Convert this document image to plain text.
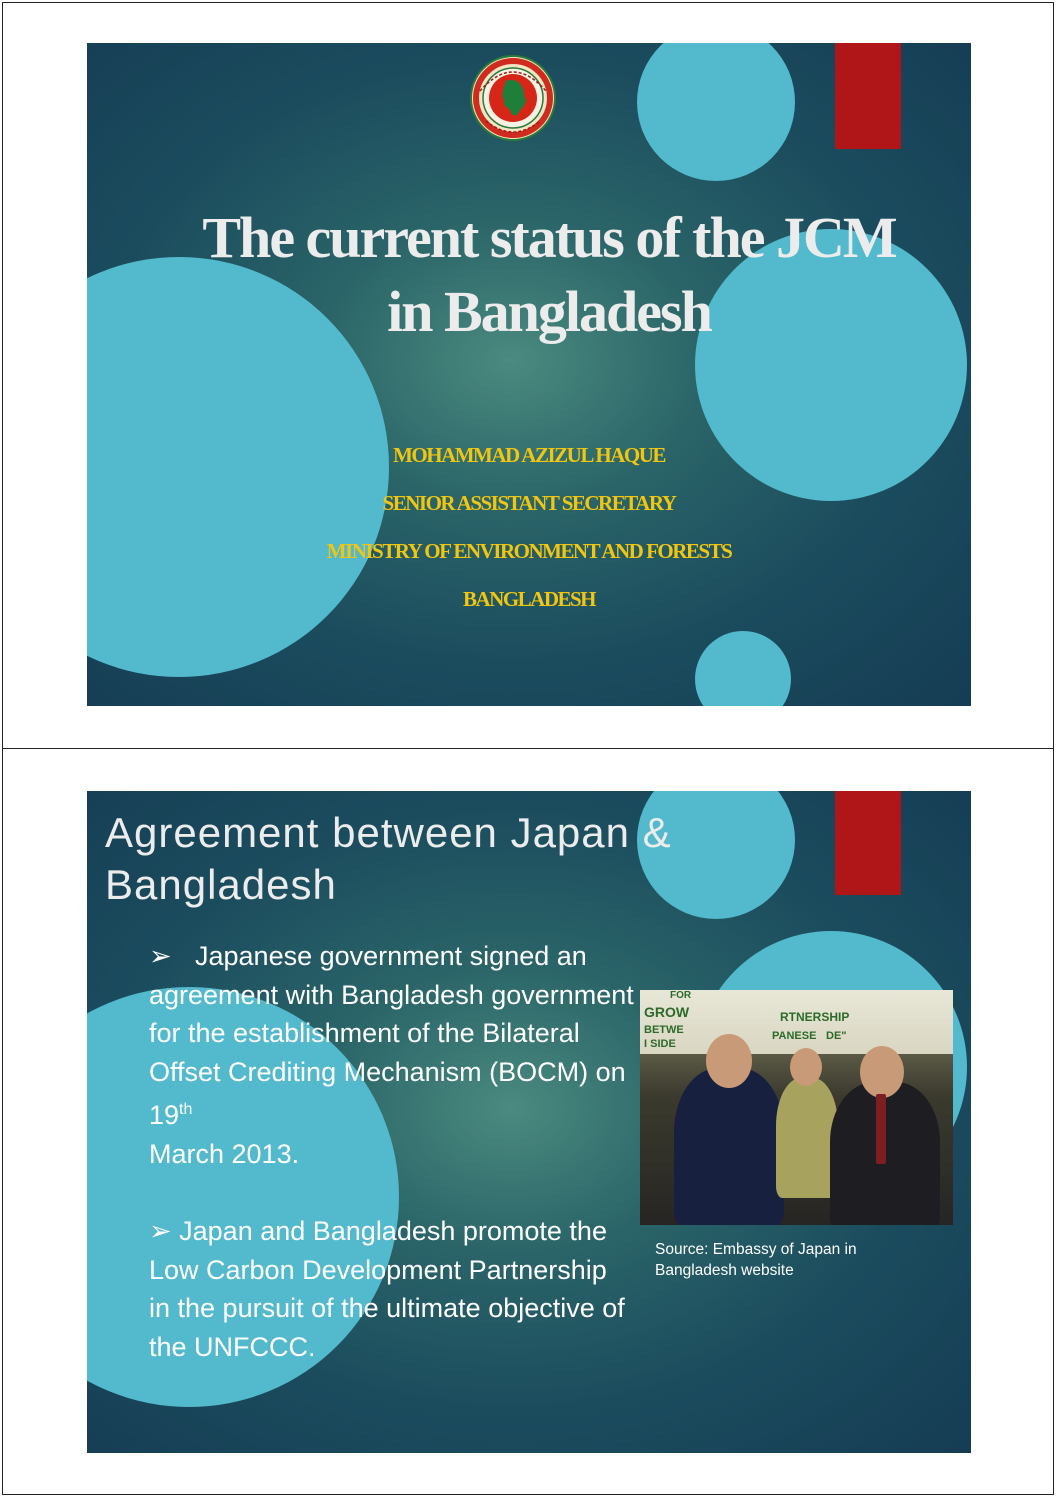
The current status of the JCM
in Bangladesh
MOHAMMAD AZIZUL HAQUE
SENIOR ASSISTANT SECRETARY
MINISTRY OF ENVIRONMENT AND FORESTS
BANGLADESH
Agreement between Japan &
Bangladesh

➢ Japanese government signed an agreement with Bangladesh government for the establishment of the Bilateral Offset Crediting Mechanism (BOCM) on 19th
March 2013.

➢ Japan and Bangladesh promote the Low Carbon Development Partnership in the pursuit of the ultimate objective of the UNFCCC.

FOR
GROW	RTNERSHIP
BETWE
I SIDE
PANESE DE"
Source: Embassy of Japan in Bangladesh website
